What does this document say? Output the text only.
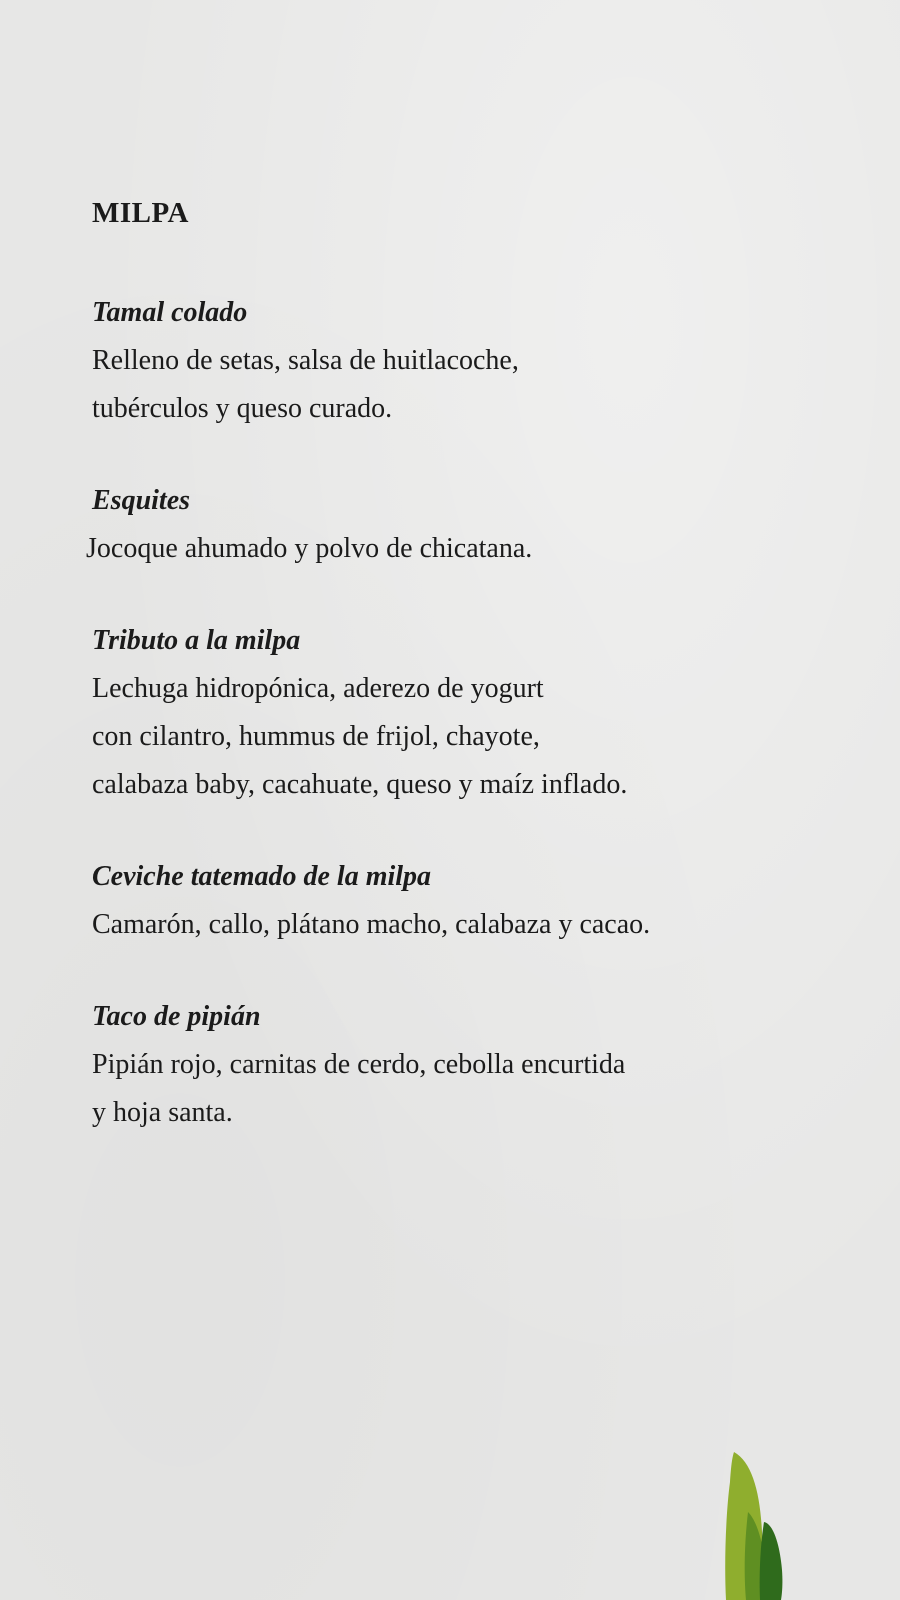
MILPA

Tamal colado

Relleno de setas, salsa de huitlacoche,
tubérculos y queso curado.

Esquites

Jocoque ahumado y polvo de chicatana.

Tributo a la milpa

Lechuga hidropónica, aderezo de yogurt
con cilantro, hummus de frijol, chayote,
calabaza baby, cacahuate, queso y maíz inflado.

Ceviche tatemado de la milpa

Camarón, callo, plátano macho, calabaza y cacao.

Taco de pipián

Pipián rojo, carnitas de cerdo, cebolla encurtida
y hoja santa.
